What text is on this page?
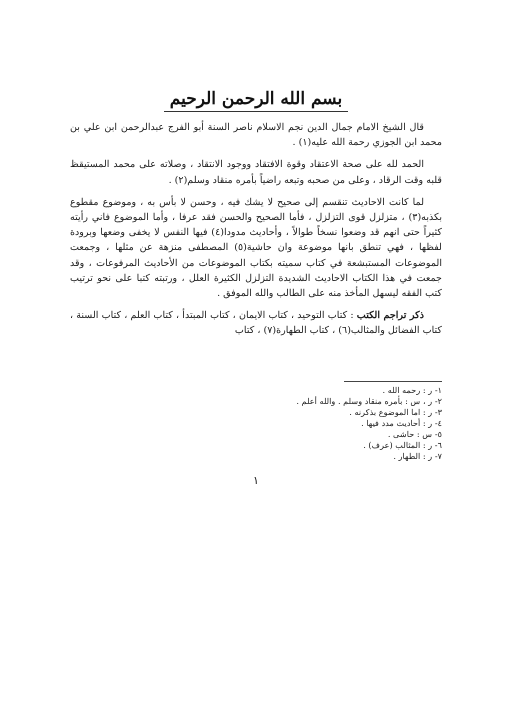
بسم الله الرحمن الرحيم

قال الشيخ الامام جمال الدين نجم الاسلام ناصر السنة أبو الفرج عبدالرحمن ابن علي بن محمد ابن الجوزي رحمة الله عليه(١) .

الحمد لله على صحة الاعتقاد وقوة الافتقاد ووجود الانتقاد ، وصلاته على محمد المستيقظ قلبه وقت الرقاد ، وعلى من صحبه وتبعه راضياً بأمره منقاد وسلم(٢) .

لما كانت الاحاديث تنقسم إلى صحيح لا يشك فيه ، وحسن لا بأس به ، وموضوع مقطوع بكذبه(٣) ، متزلزل قوى التزلزل ، فأما الصحيح والحسن فقد عرفا ، وأما الموضوع فاني رأيته كثيراً حتى انهم قد وضعوا نسخاً طوالاً ، وأحاديث مدودا(٤) فيها النفس لا يخفى وضعها وبرودة لفظها ، فهي تنطق بانها موضوعة وان حاشية(٥) المصطفى منزهة عن مثلها ، وجمعت الموضوعات المستبشعة في كتاب سميته بكتاب الموضوعات من الأحاديث المرفوعات ، وقد جمعت في هذا الكتاب الاحاديث الشديدة التزلزل الكثيرة العلل ، ورتبته كتبا على نحو ترتيب كتب الفقه ليسهل المأخذ منه على الطالب والله الموفق .

ذكر تراجم الكتب : كتاب التوحيد ، كتاب الايمان ، كتاب المبتدأ ، كتاب العلم ، كتاب السنة ، كتاب الفضائل والمثالب(٦) ، كتاب الطهارة(٧) ، كتاب

١- ر : رحمه الله .
٢- ر ، س : بأمره منقاد وسلم . والله أعلم .
٣- ر : اما الموضوع بذكرنه .
٤- ر : أحاديث مدد فيها .
٥- س : حاشى .
٦- ر : المثالب (عرف) .
٧- ر : الطهار .
١
